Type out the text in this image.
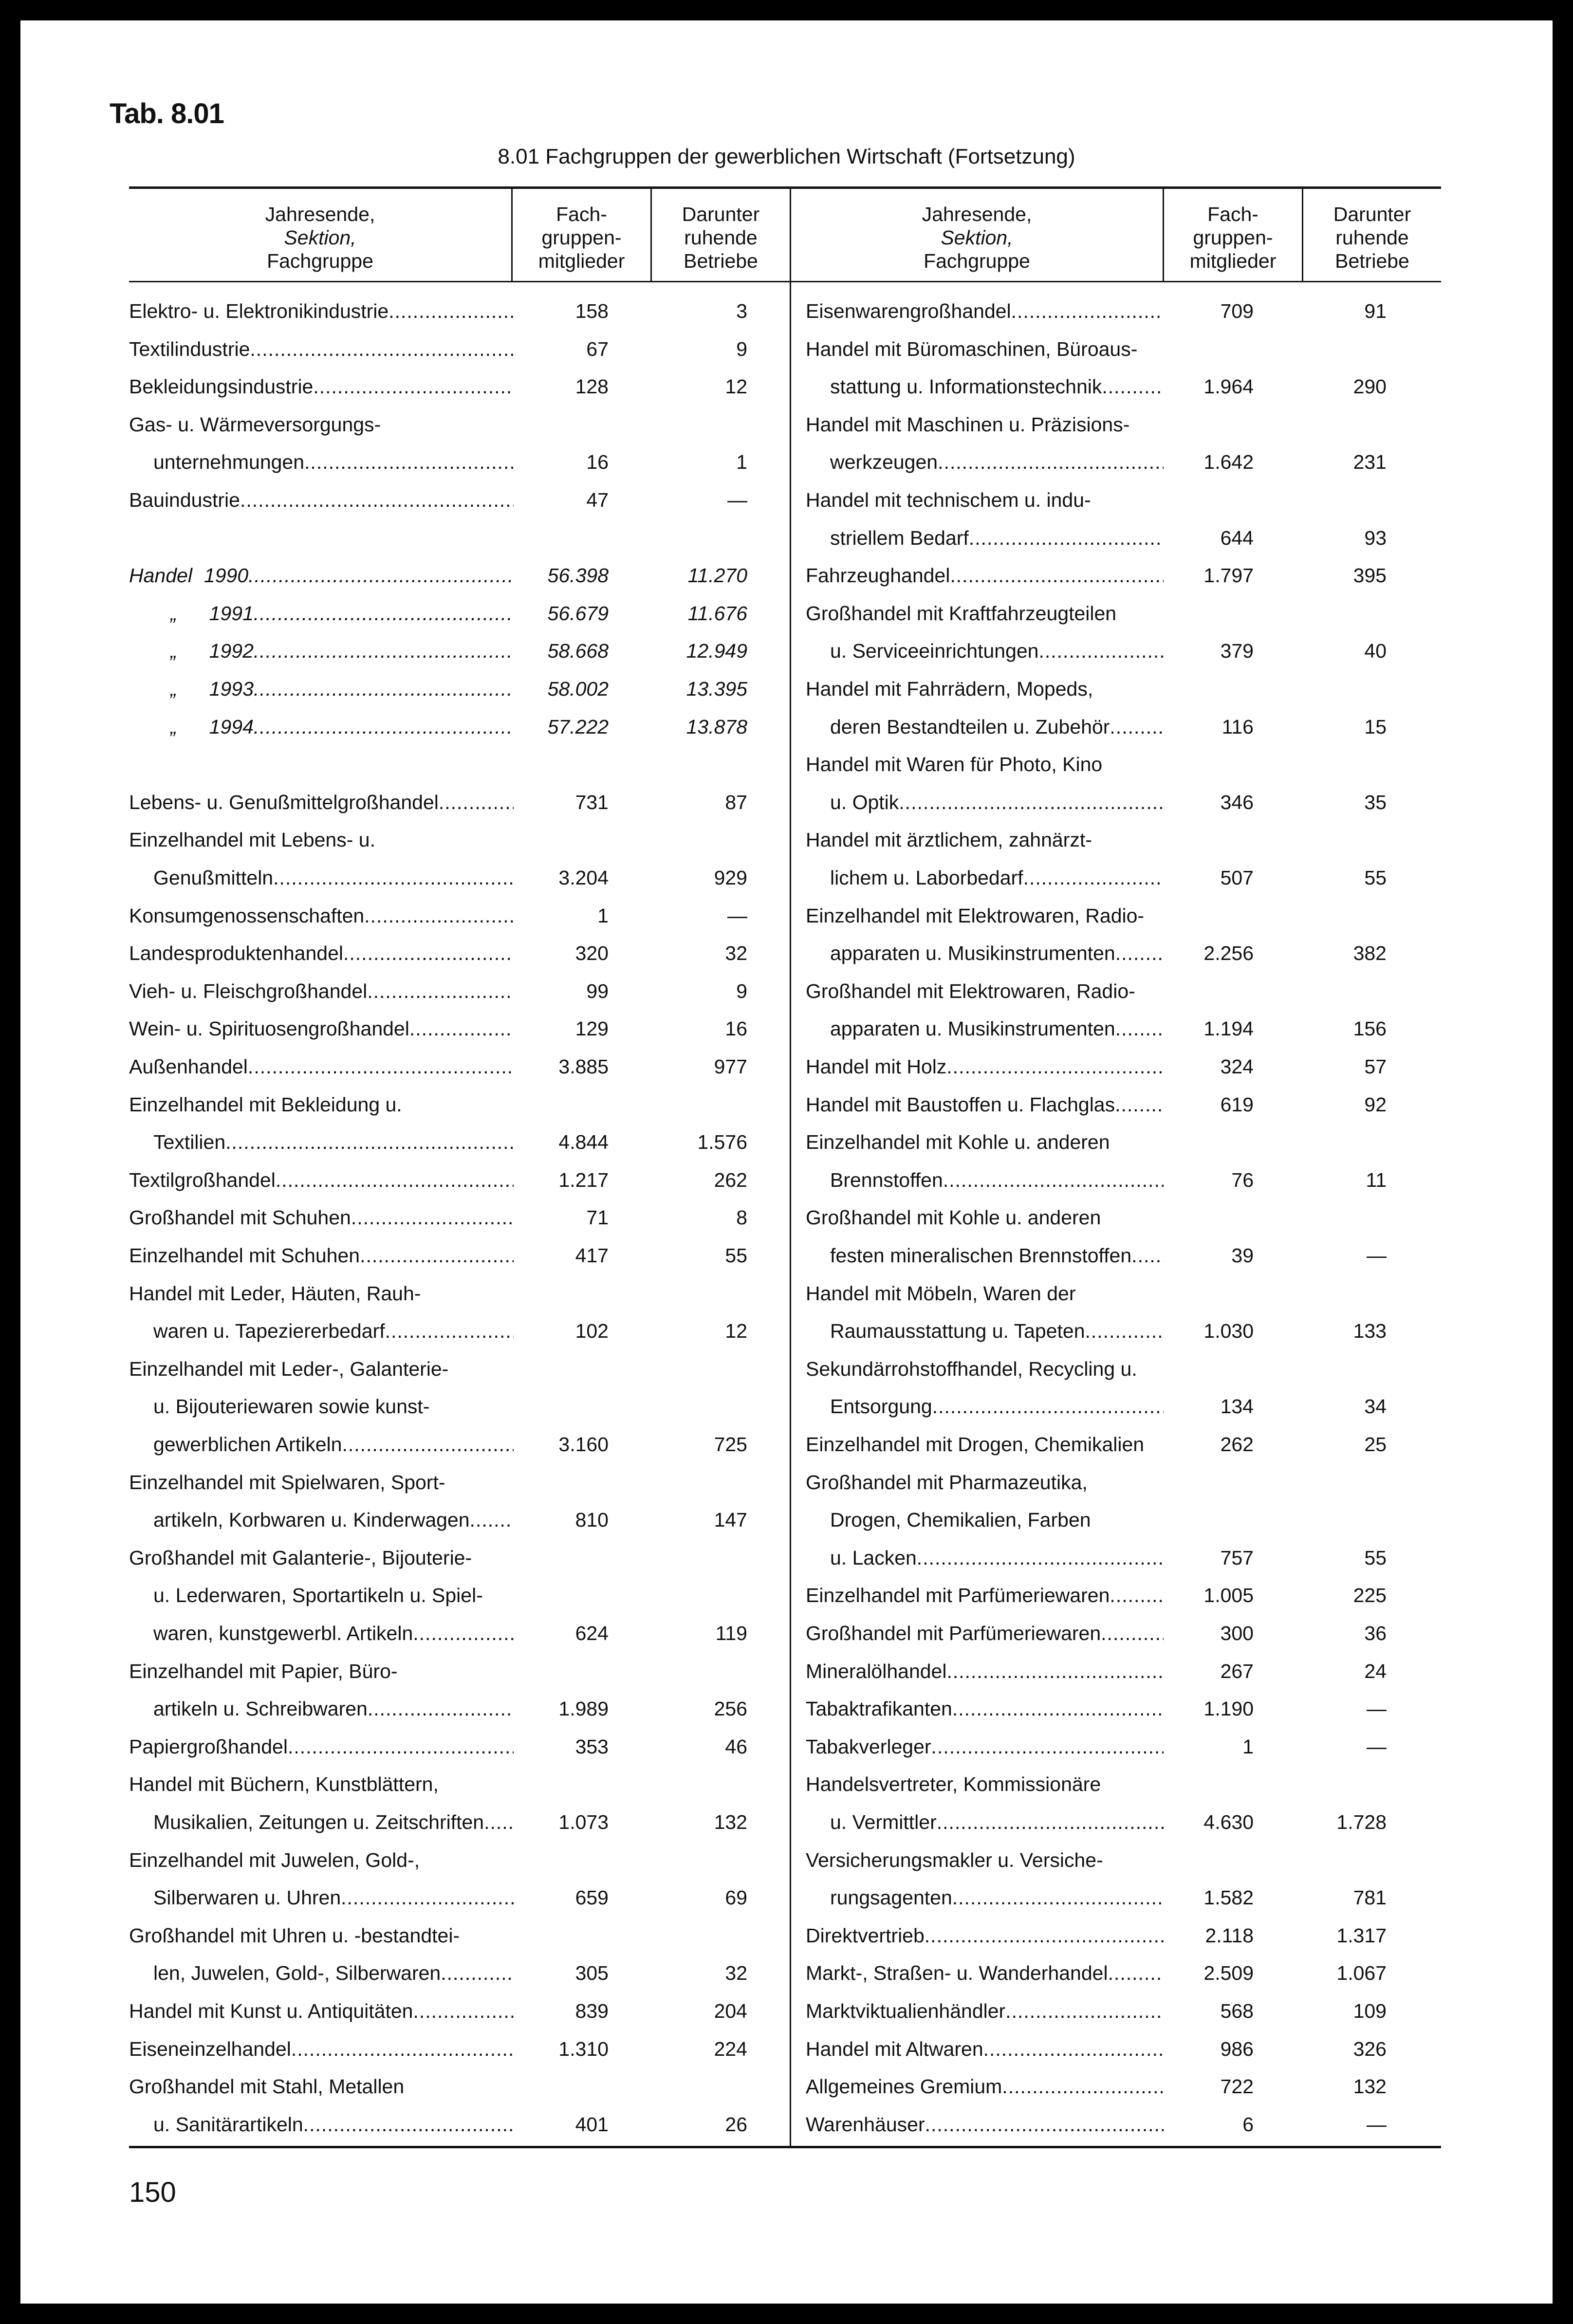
Tab. 8.01
8.01 Fachgruppen der gewerblichen Wirtschaft (Fortsetzung)
Jahresende,
Sektion,
Fachgruppe
Fach-
gruppen-
mitglieder
Darunter
ruhende
Betriebe
Jahresende,
Sektion,
Fachgruppe
Fach-
gruppen-
mitglieder
Darunter
ruhende
Betriebe
Elektro- u. Elektronikindustrie .....	158	3
Textilindustrie .....	67	9
Bekleidungsindustrie .....	128	12
Gas- u. Wärmeversorgungs-
unternehmungen .....	16	1
Bauindustrie .....	47	—
Handel 1990 .....	56.398	11.270
„ 1991 .....	56.679	11.676
„ 1992 .....	58.668	12.949
„ 1993 .....	58.002	13.395
„ 1994 .....	57.222	13.878
Lebens- u. Genußmittelgroßhandel .....	731	87
Einzelhandel mit Lebens- u.
Genußmitteln .....	3.204	929
Konsumgenossenschaften .....	1	—
Landesproduktenhandel .....	320	32
Vieh- u. Fleischgroßhandel .....	99	9
Wein- u. Spirituosengroßhandel .....	129	16
Außenhandel .....	3.885	977
Einzelhandel mit Bekleidung u.
Textilien .....	4.844	1.576
Textilgroßhandel .....	1.217	262
Großhandel mit Schuhen .....	71	8
Einzelhandel mit Schuhen .....	417	55
Handel mit Leder, Häuten, Rauh-
waren u. Tapeziererbedarf .....	102	12
Einzelhandel mit Leder-, Galanterie-
u. Bijouteriewaren sowie kunst-
gewerblichen Artikeln .....	3.160	725
Einzelhandel mit Spielwaren, Sport-
artikeln, Korbwaren u. Kinderwagen .....	810	147
Großhandel mit Galanterie-, Bijouterie-
u. Lederwaren, Sportartikeln u. Spiel-
waren, kunstgewerbl. Artikeln .....	624	119
Einzelhandel mit Papier, Büro-
artikeln u. Schreibwaren .....	1.989	256
Papiergroßhandel .....	353	46
Handel mit Büchern, Kunstblättern,
Musikalien, Zeitungen u. Zeitschriften .....	1.073	132
Einzelhandel mit Juwelen, Gold-,
Silberwaren u. Uhren .....	659	69
Großhandel mit Uhren u. -bestandtei-
len, Juwelen, Gold-, Silberwaren .....	305	32
Handel mit Kunst u. Antiquitäten .....	839	204
Eiseneinzelhandel .....	1.310	224
Großhandel mit Stahl, Metallen
u. Sanitärartikeln .....	401	26
Eisenwarengroßhandel .....	709	91
Handel mit Büromaschinen, Büroaus-
stattung u. Informationstechnik .....	1.964	290
Handel mit Maschinen u. Präzisions-
werkzeugen .....	1.642	231
Handel mit technischem u. indu-
striellem Bedarf .....	644	93
Fahrzeughandel .....	1.797	395
Großhandel mit Kraftfahrzeugteilen
u. Serviceeinrichtungen .....	379	40
Handel mit Fahrrädern, Mopeds,
deren Bestandteilen u. Zubehör .....	116	15
Handel mit Waren für Photo, Kino
u. Optik .....	346	35
Handel mit ärztlichem, zahnärzt-
lichem u. Laborbedarf .....	507	55
Einzelhandel mit Elektrowaren, Radio-
apparaten u. Musikinstrumenten .....	2.256	382
Großhandel mit Elektrowaren, Radio-
apparaten u. Musikinstrumenten .....	1.194	156
Handel mit Holz .....	324	57
Handel mit Baustoffen u. Flachglas .....	619	92
Einzelhandel mit Kohle u. anderen
Brennstoffen .....	76	11
Großhandel mit Kohle u. anderen
festen mineralischen Brennstoffen .....	39	—
Handel mit Möbeln, Waren der
Raumausstattung u. Tapeten .....	1.030	133
Sekundärrohstoffhandel, Recycling u.
Entsorgung .....	134	34
Einzelhandel mit Drogen, Chemikalien	262	25
Großhandel mit Pharmazeutika,
Drogen, Chemikalien, Farben
u. Lacken .....	757	55
Einzelhandel mit Parfümeriewaren .....	1.005	225
Großhandel mit Parfümeriewaren .....	300	36
Mineralölhandel .....	267	24
Tabaktrafikanten .....	1.190	—
Tabakverleger .....	1	—
Handelsvertreter, Kommissionäre
u. Vermittler .....	4.630	1.728
Versicherungsmakler u. Versiche-
rungsagenten .....	1.582	781
Direktvertrieb .....	2.118	1.317
Markt-, Straßen- u. Wanderhandel .....	2.509	1.067
Marktviktualienhändler .....	568	109
Handel mit Altwaren .....	986	326
Allgemeines Gremium .....	722	132
Warenhäuser .....	6	—
150
